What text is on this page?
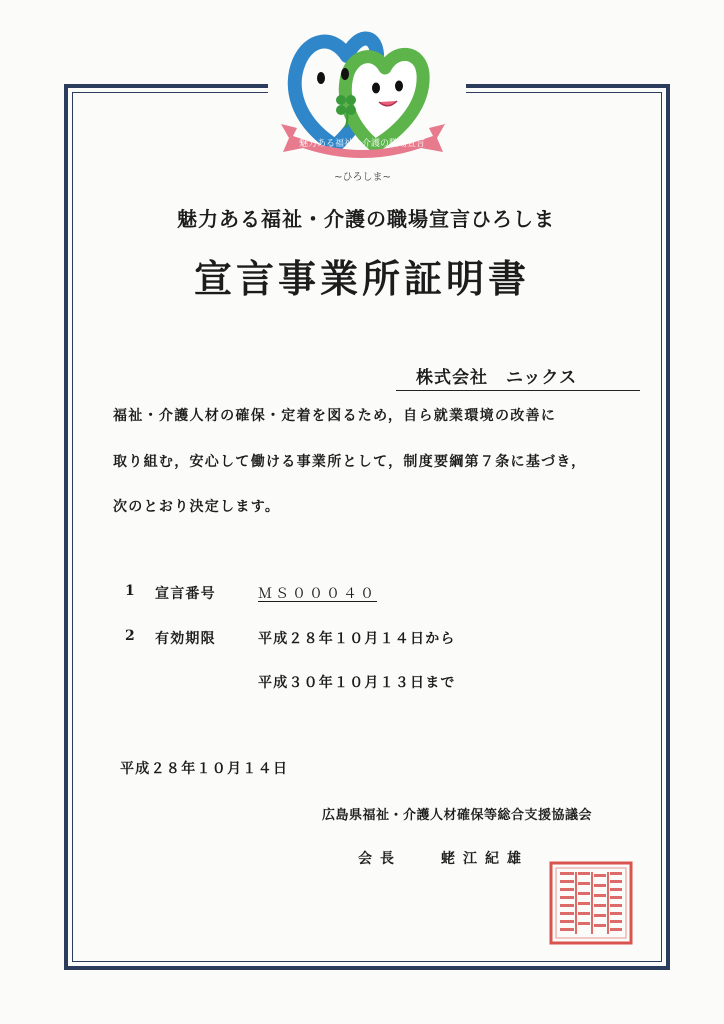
魅力ある福祉・介護の職場宣言
~ひろしま~
魅力ある福祉・介護の職場宣言ひろしま
宣言事業所証明書
株式会社　ニックス
福祉・介護人材の確保・定着を図るため，自ら就業環境の改善に
取り組む，安心して働ける事業所として，制度要綱第７条に基づき，
次のとおり決定します。
1 宣言番号	ＭＳ０００４０
2 有効期限	平成２８年１０月１４日から
平成３０年１０月１３日まで
平成２８年１０月１４日
広島県福祉・介護人材確保等総合支援協議会
会長	蛯江紀雄
